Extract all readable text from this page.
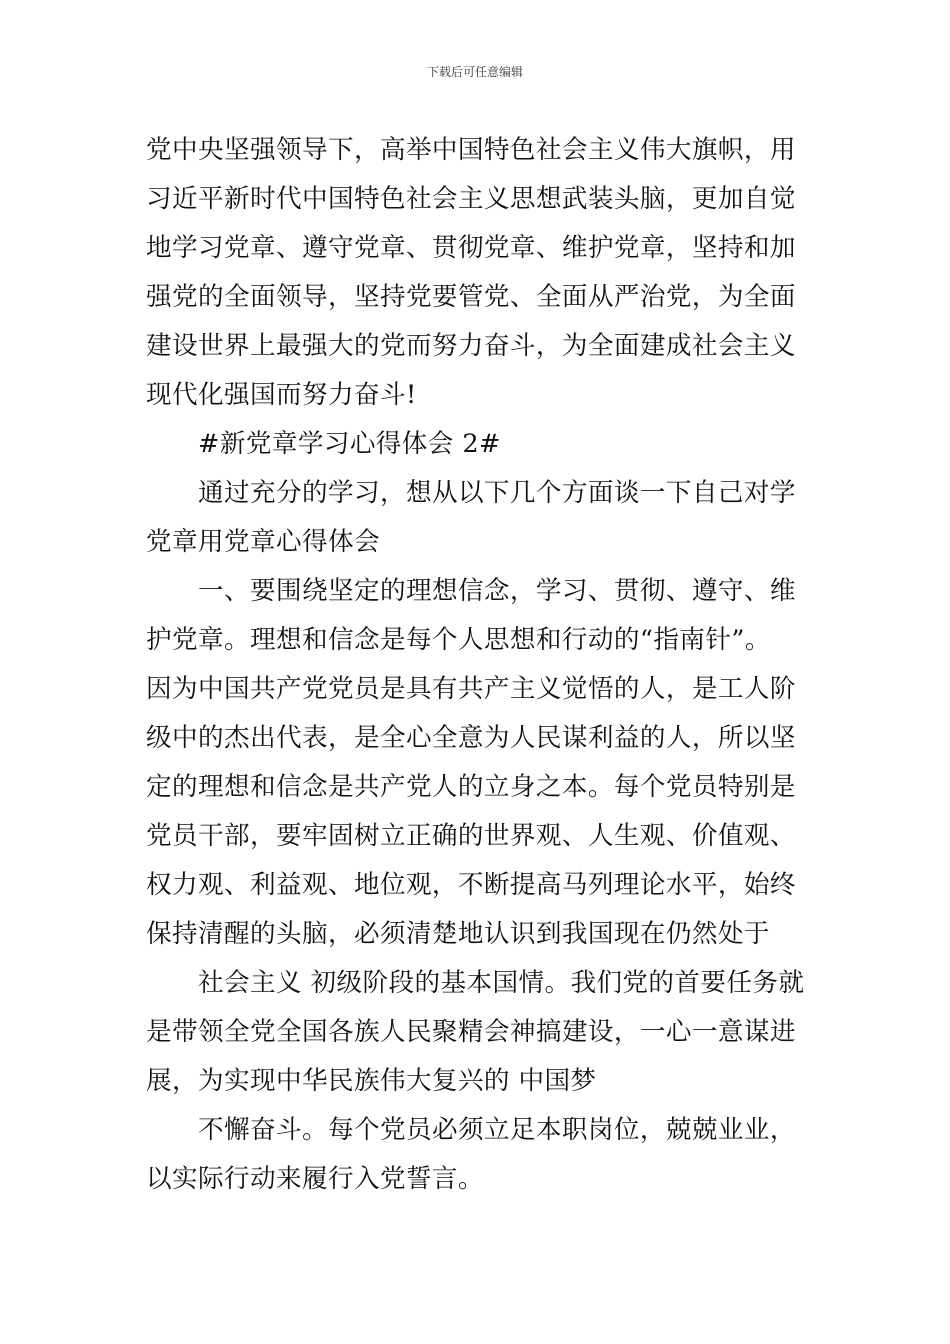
下载后可任意编辑

党中央坚强领导下，高举中国特色社会主义伟大旗帜，用
习近平新时代中国特色社会主义思想武装头脑，更加自觉
地学习党章、遵守党章、贯彻党章、维护党章，坚持和加
强党的全面领导，坚持党要管党、全面从严治党，为全面
建设世界上最强大的党而努力奋斗，为全面建成社会主义
现代化强国而努力奋斗!

#新党章学习心得体会 2#

通过充分的学习，想从以下几个方面谈一下自己对学
党章用党章心得体会

一、要围绕坚定的理想信念，学习、贯彻、遵守、维
护党章。理想和信念是每个人思想和行动的“指南针”。
因为中国共产党党员是具有共产主义觉悟的人，是工人阶
级中的杰出代表，是全心全意为人民谋利益的人，所以坚
定的理想和信念是共产党人的立身之本。每个党员特别是
党员干部，要牢固树立正确的世界观、人生观、价值观、
权力观、利益观、地位观，不断提高马列理论水平，始终
保持清醒的头脑，必须清楚地认识到我国现在仍然处于

社会主义 初级阶段的基本国情。我们党的首要任务就
是带领全党全国各族人民聚精会神搞建设，一心一意谋进
展，为实现中华民族伟大复兴的 中国梦

不懈奋斗。每个党员必须立足本职岗位，兢兢业业，
以实际行动来履行入党誓言。
